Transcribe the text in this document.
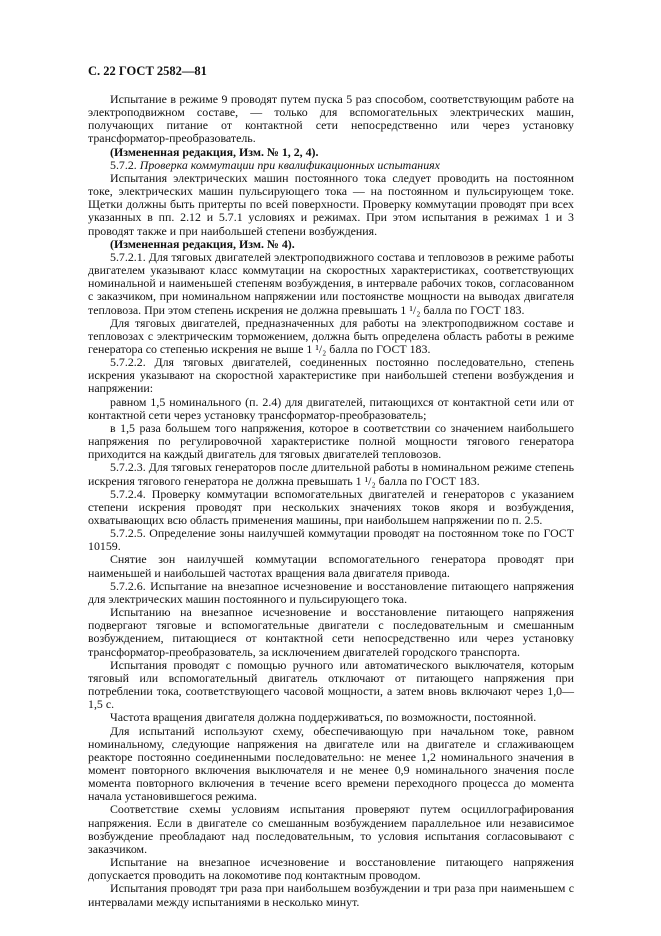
С. 22 ГОСТ 2582—81

Испытание в режиме 9 проводят путем пуска 5 раз способом, соответствующим работе на электроподвижном составе, — только для вспомогательных электрических машин, получающих питание от контактной сети непосредственно или через установку трансформатор-преобразователь.

(Измененная редакция, Изм. № 1, 2, 4).

5.7.2. Проверка коммутации при квалификационных испытаниях

Испытания электрических машин постоянного тока следует проводить на постоянном токе, электрических машин пульсирующего тока — на постоянном и пульсирующем токе. Щетки должны быть притерты по всей поверхности. Проверку коммутации проводят при всех указанных в пп. 2.12 и 5.7.1 условиях и режимах. При этом испытания в режимах 1 и 3 проводят также и при наибольшей степени возбуждения.

(Измененная редакция, Изм. № 4).

5.7.2.1. Для тяговых двигателей электроподвижного состава и тепловозов в режиме работы двигателем указывают класс коммутации на скоростных характеристиках, соответствующих номинальной и наименьшей степеням возбуждения, в интервале рабочих токов, согласованном с заказчиком, при номинальном напряжении или постоянстве мощности на выводах двигателя тепловоза. При этом степень искрения не должна превышать 1 ¹/₂ балла по ГОСТ 183.

Для тяговых двигателей, предназначенных для работы на электроподвижном составе и тепловозах с электрическим торможением, должна быть определена область работы в режиме генератора со степенью искрения не выше 1 ¹/₂ балла по ГОСТ 183.

5.7.2.2. Для тяговых двигателей, соединенных постоянно последовательно, степень искрения указывают на скоростной характеристике при наибольшей степени возбуждения и напряжении:

равном 1,5 номинального (п. 2.4) для двигателей, питающихся от контактной сети или от контактной сети через установку трансформатор-преобразователь;

в 1,5 раза большем того напряжения, которое в соответствии со значением наибольшего напряжения по регулировочной характеристике полной мощности тягового генератора приходится на каждый двигатель для тяговых двигателей тепловозов.

5.7.2.3. Для тяговых генераторов после длительной работы в номинальном режиме степень искрения тягового генератора не должна превышать 1 ¹/₂ балла по ГОСТ 183.

5.7.2.4. Проверку коммутации вспомогательных двигателей и генераторов с указанием степени искрения проводят при нескольких значениях токов якоря и возбуждения, охватывающих всю область применения машины, при наибольшем напряжении по п. 2.5.

5.7.2.5. Определение зоны наилучшей коммутации проводят на постоянном токе по ГОСТ 10159.

Снятие зон наилучшей коммутации вспомогательного генератора проводят при наименьшей и наибольшей частотах вращения вала двигателя привода.

5.7.2.6. Испытание на внезапное исчезновение и восстановление питающего напряжения для электрических машин постоянного и пульсирующего тока.

Испытанию на внезапное исчезновение и восстановление питающего напряжения подвергают тяговые и вспомогательные двигатели с последовательным и смешанным возбуждением, питающиеся от контактной сети непосредственно или через установку трансформатор-преобразователь, за исключением двигателей городского транспорта.

Испытания проводят с помощью ручного или автоматического выключателя, которым тяговый или вспомогательный двигатель отключают от питающего напряжения при потреблении тока, соответствующего часовой мощности, а затем вновь включают через 1,0—1,5 с.

Частота вращения двигателя должна поддерживаться, по возможности, постоянной.

Для испытаний используют схему, обеспечивающую при начальном токе, равном номинальному, следующие напряжения на двигателе или на двигателе и сглаживающем реакторе постоянно соединенными последовательно: не менее 1,2 номинального значения в момент повторного включения выключателя и не менее 0,9 номинального значения после момента повторного включения в течение всего времени переходного процесса до момента начала установившегося режима.

Соответствие схемы условиям испытания проверяют путем осциллографирования напряжения. Если в двигателе со смешанным возбуждением параллельное или независимое возбуждение преобладают над последовательным, то условия испытания согласовывают с заказчиком.

Испытание на внезапное исчезновение и восстановление питающего напряжения допускается проводить на локомотиве под контактным проводом.

Испытания проводят три раза при наибольшем возбуждении и три раза при наименьшем с интервалами между испытаниями в несколько минут.
